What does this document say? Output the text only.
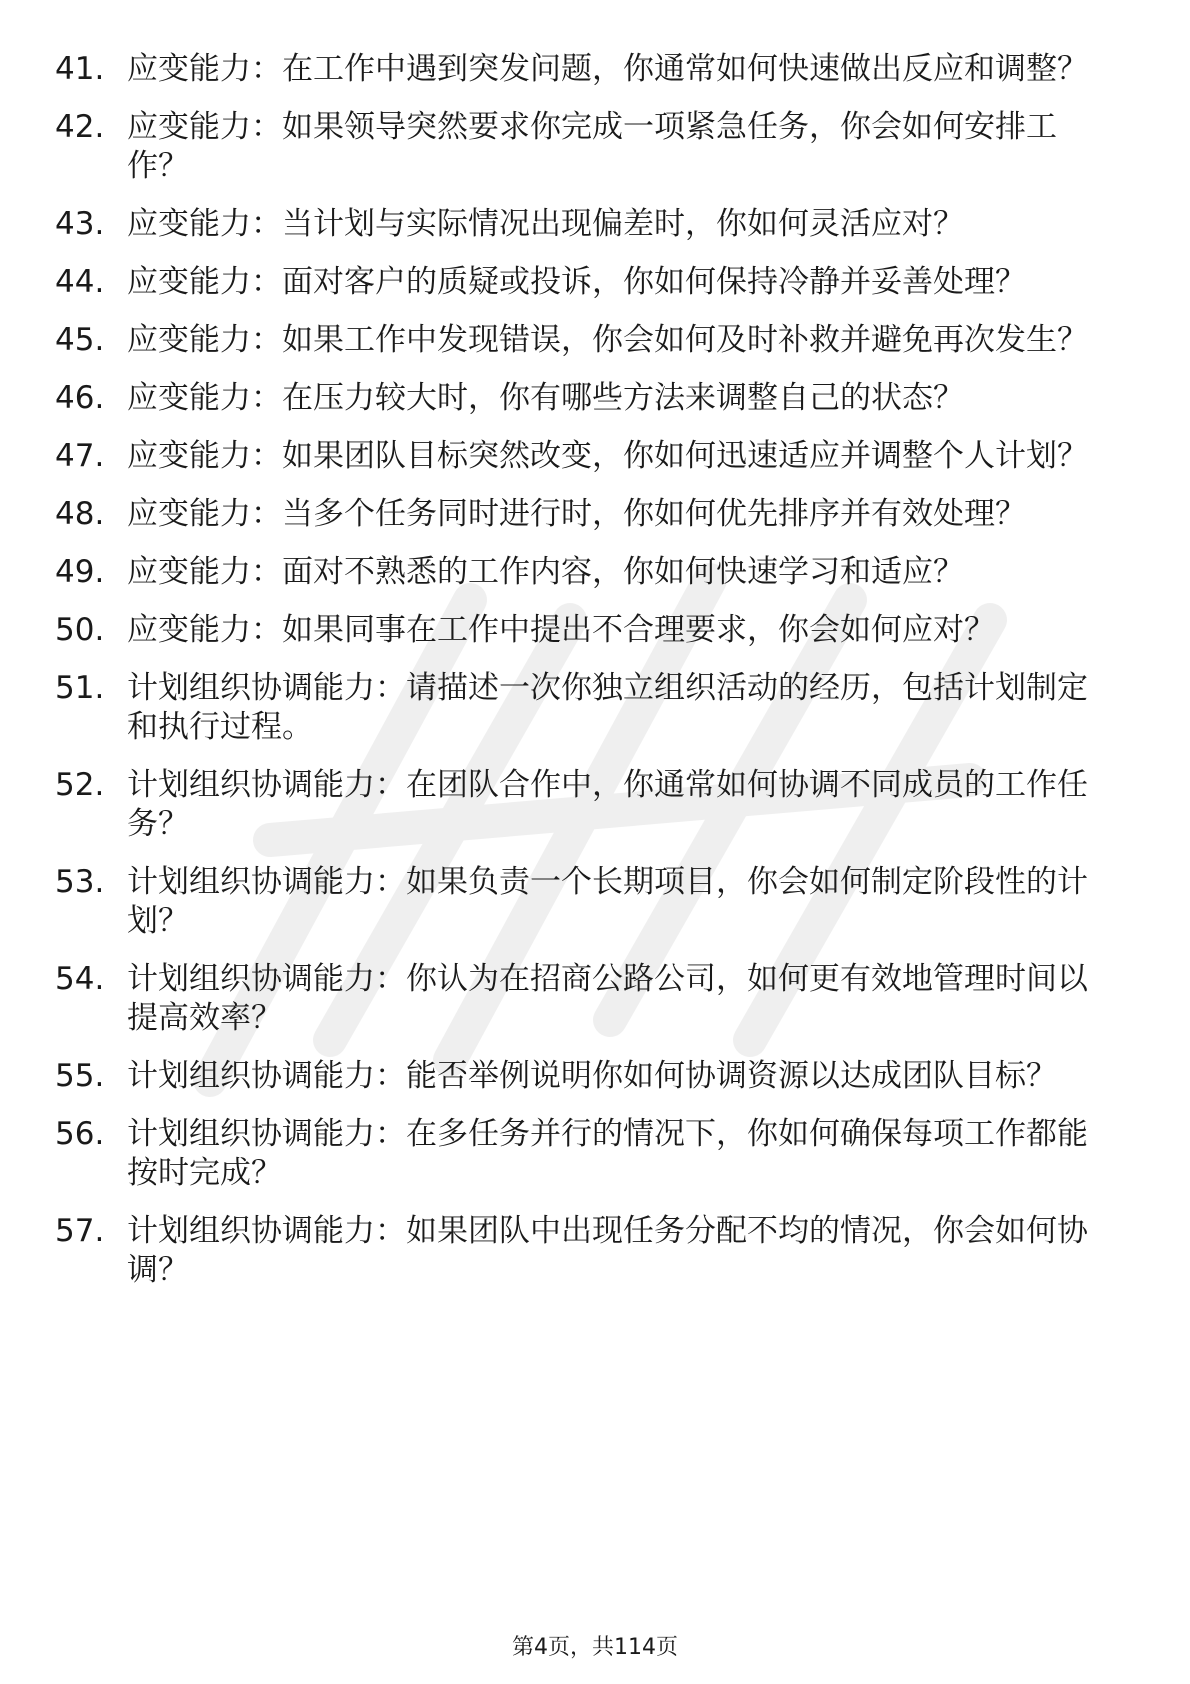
41. 应变能力：在工作中遇到突发问题，你通常如何快速做出反应和调整？
42. 应变能力：如果领导突然要求你完成一项紧急任务，你会如何安排工作？
43. 应变能力：当计划与实际情况出现偏差时，你如何灵活应对？
44. 应变能力：面对客户的质疑或投诉，你如何保持冷静并妥善处理？
45. 应变能力：如果工作中发现错误，你会如何及时补救并避免再次发生？
46. 应变能力：在压力较大时，你有哪些方法来调整自己的状态？
47. 应变能力：如果团队目标突然改变，你如何迅速适应并调整个人计划？
48. 应变能力：当多个任务同时进行时，你如何优先排序并有效处理？
49. 应变能力：面对不熟悉的工作内容，你如何快速学习和适应？
50. 应变能力：如果同事在工作中提出不合理要求，你会如何应对？
51. 计划组织协调能力：请描述一次你独立组织活动的经历，包括计划制定和执行过程。
52. 计划组织协调能力：在团队合作中，你通常如何协调不同成员的工作任务？
53. 计划组织协调能力：如果负责一个长期项目，你会如何制定阶段性的计划？
54. 计划组织协调能力：你认为在招商公路公司，如何更有效地管理时间以提高效率？
55. 计划组织协调能力：能否举例说明你如何协调资源以达成团队目标？
56. 计划组织协调能力：在多任务并行的情况下，你如何确保每项工作都能按时完成？
57. 计划组织协调能力：如果团队中出现任务分配不均的情况，你会如何协调？
第4页，共114页
